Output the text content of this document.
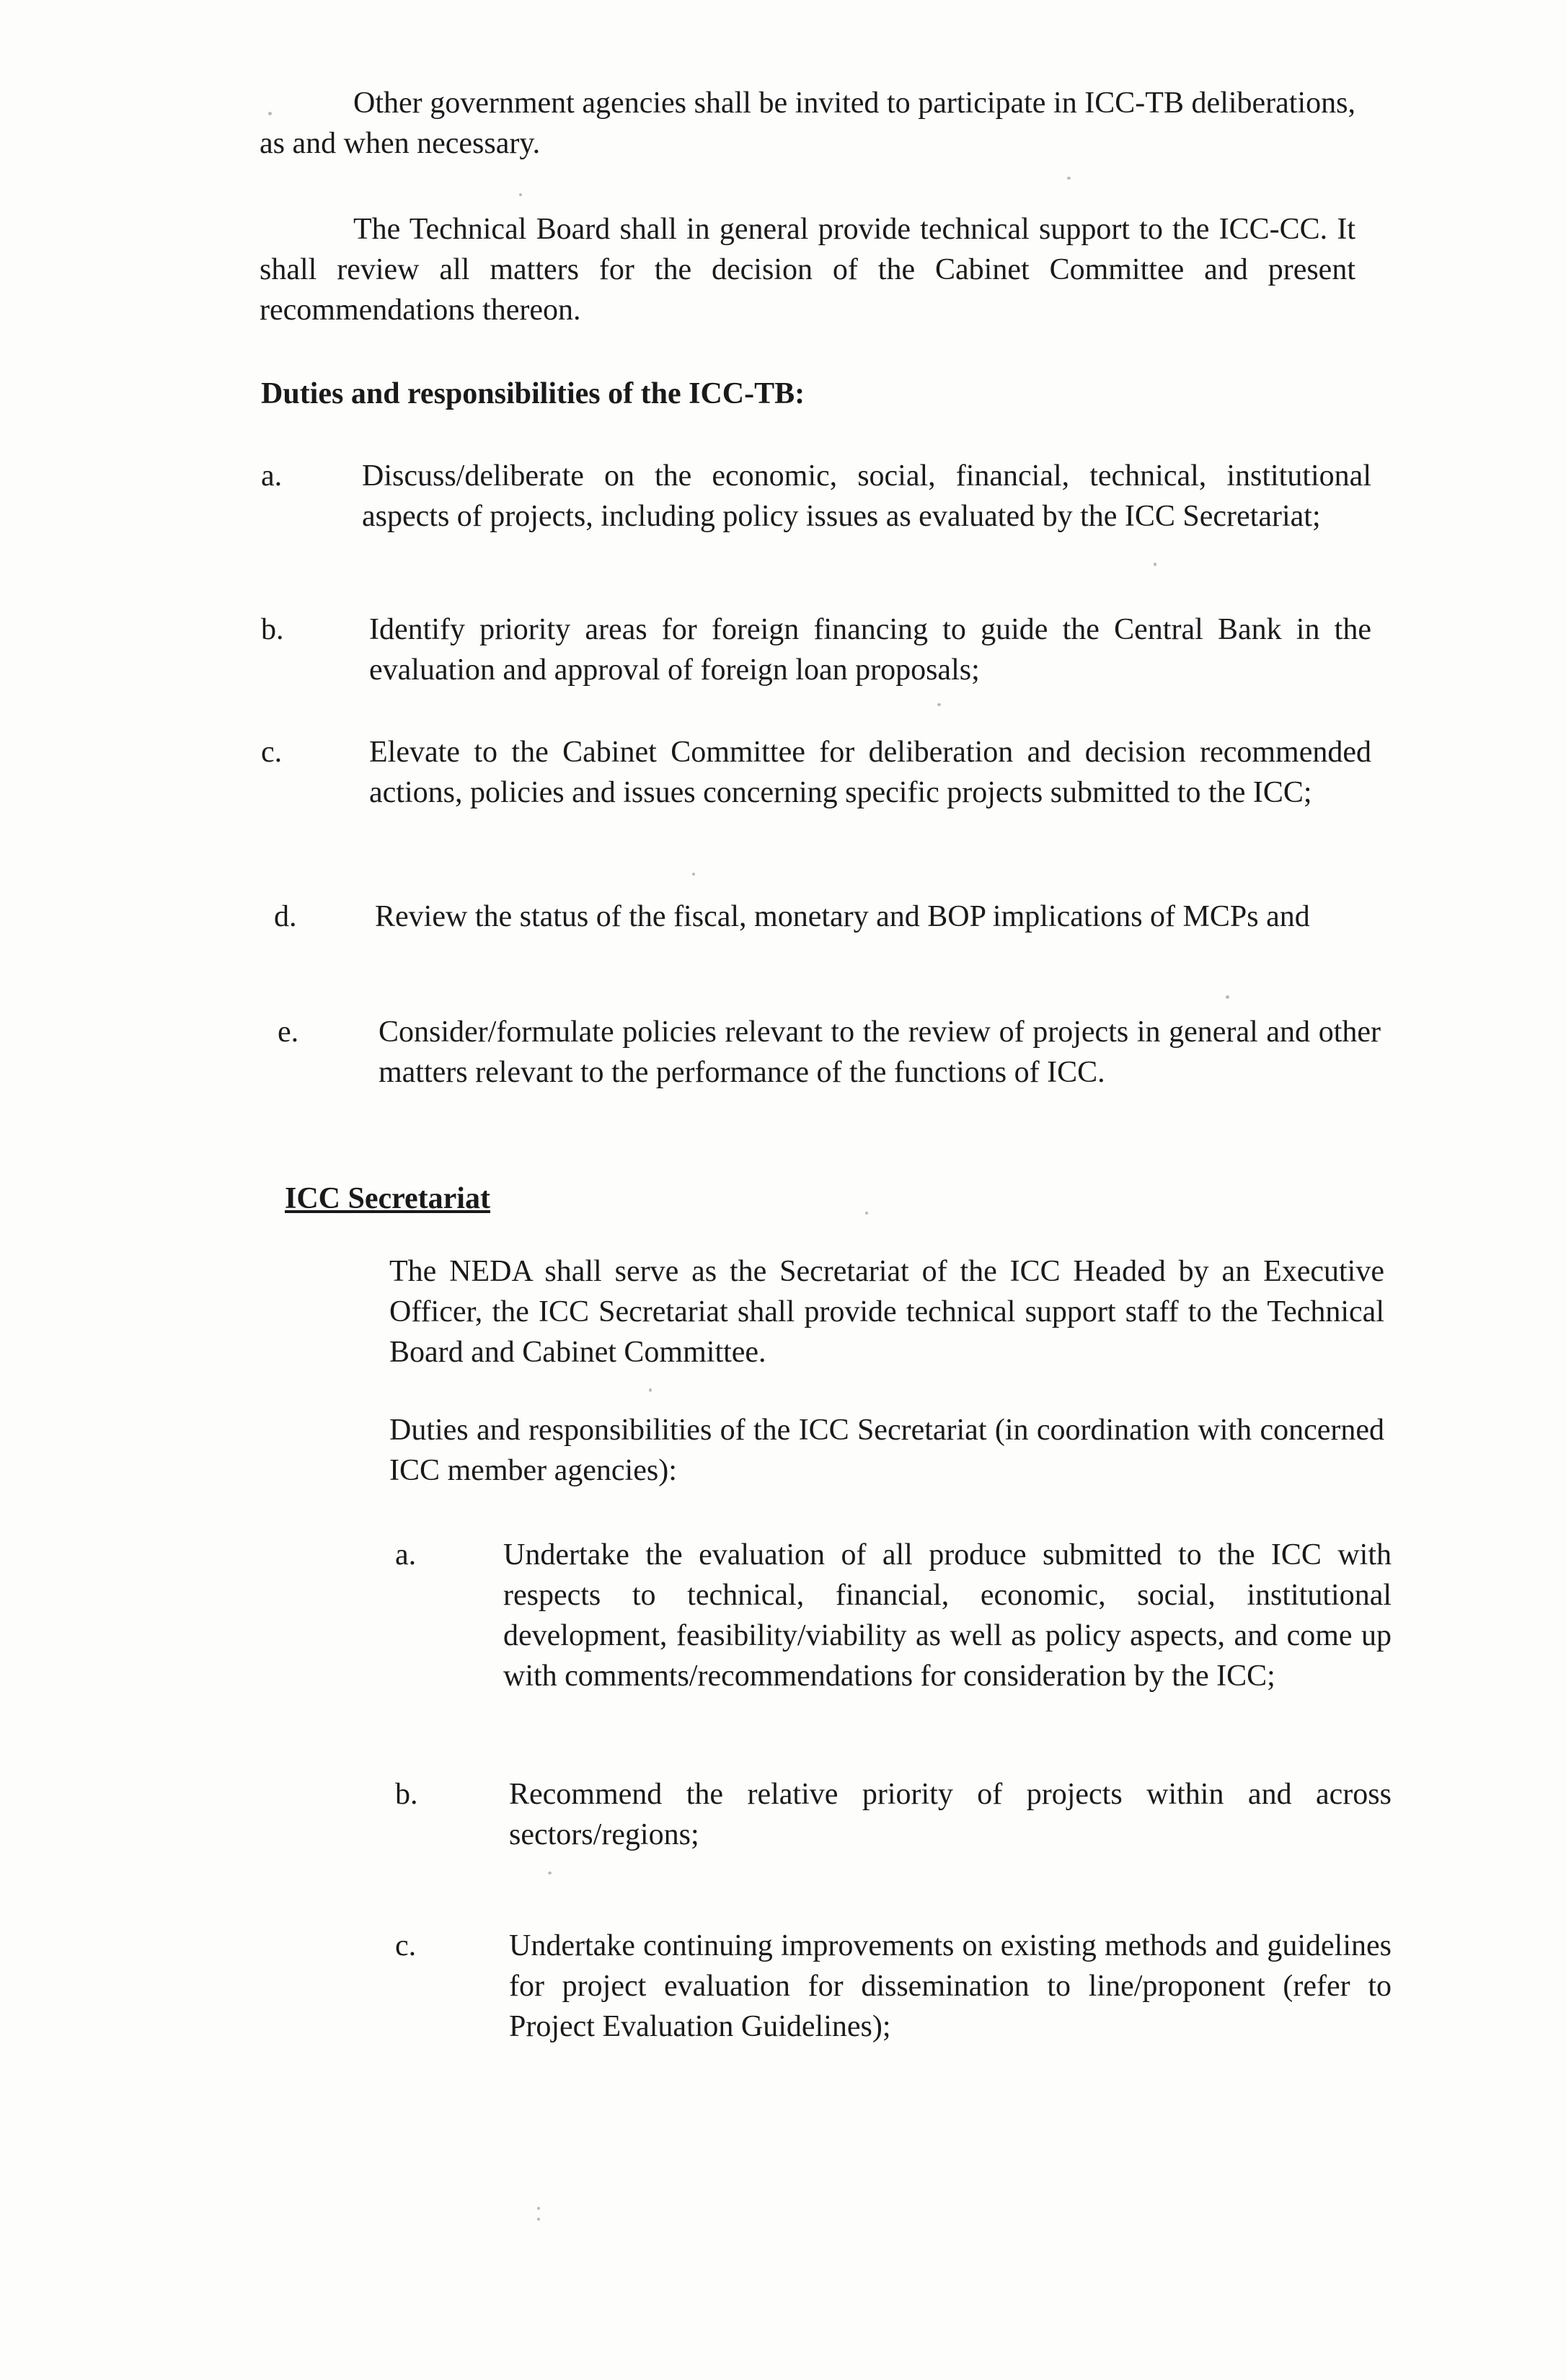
Other government agencies shall be invited to participate in ICC-TB deliberations, as and when necessary.

The Technical Board shall in general provide technical support to the ICC-CC. It shall review all matters for the decision of the Cabinet Committee and present recommendations thereon.

Duties and responsibilities of the ICC-TB:

a.	Discuss/deliberate on the economic, social, financial, technical, institutional aspects of projects, including policy issues as evaluated by the ICC Secretariat;
b.	Identify priority areas for foreign financing to guide the Central Bank in the evaluation and approval of foreign loan proposals;
c.	Elevate to the Cabinet Committee for deliberation and decision recommended actions, policies and issues concerning specific projects submitted to the ICC;
d.	Review the status of the fiscal, monetary and BOP implications of MCPs and
e.	Consider/formulate policies relevant to the review of projects in general and other matters relevant to the performance of the functions of ICC.

ICC Secretariat

The NEDA shall serve as the Secretariat of the ICC Headed by an Executive Officer, the ICC Secretariat shall provide technical support staff to the Technical Board and Cabinet Committee.

Duties and responsibilities of the ICC Secretariat (in coordination with concerned ICC member agencies):

a.	Undertake the evaluation of all produce submitted to the ICC with respects to technical, financial, economic, social, institutional development, feasibility/viability as well as policy aspects, and come up with comments/recommendations for consideration by the ICC;
b.	Recommend the relative priority of projects within and across sectors/regions;
c.	Undertake continuing improvements on existing methods and guidelines for project evaluation for dissemination to line/proponent (refer to Project Evaluation Guidelines);
